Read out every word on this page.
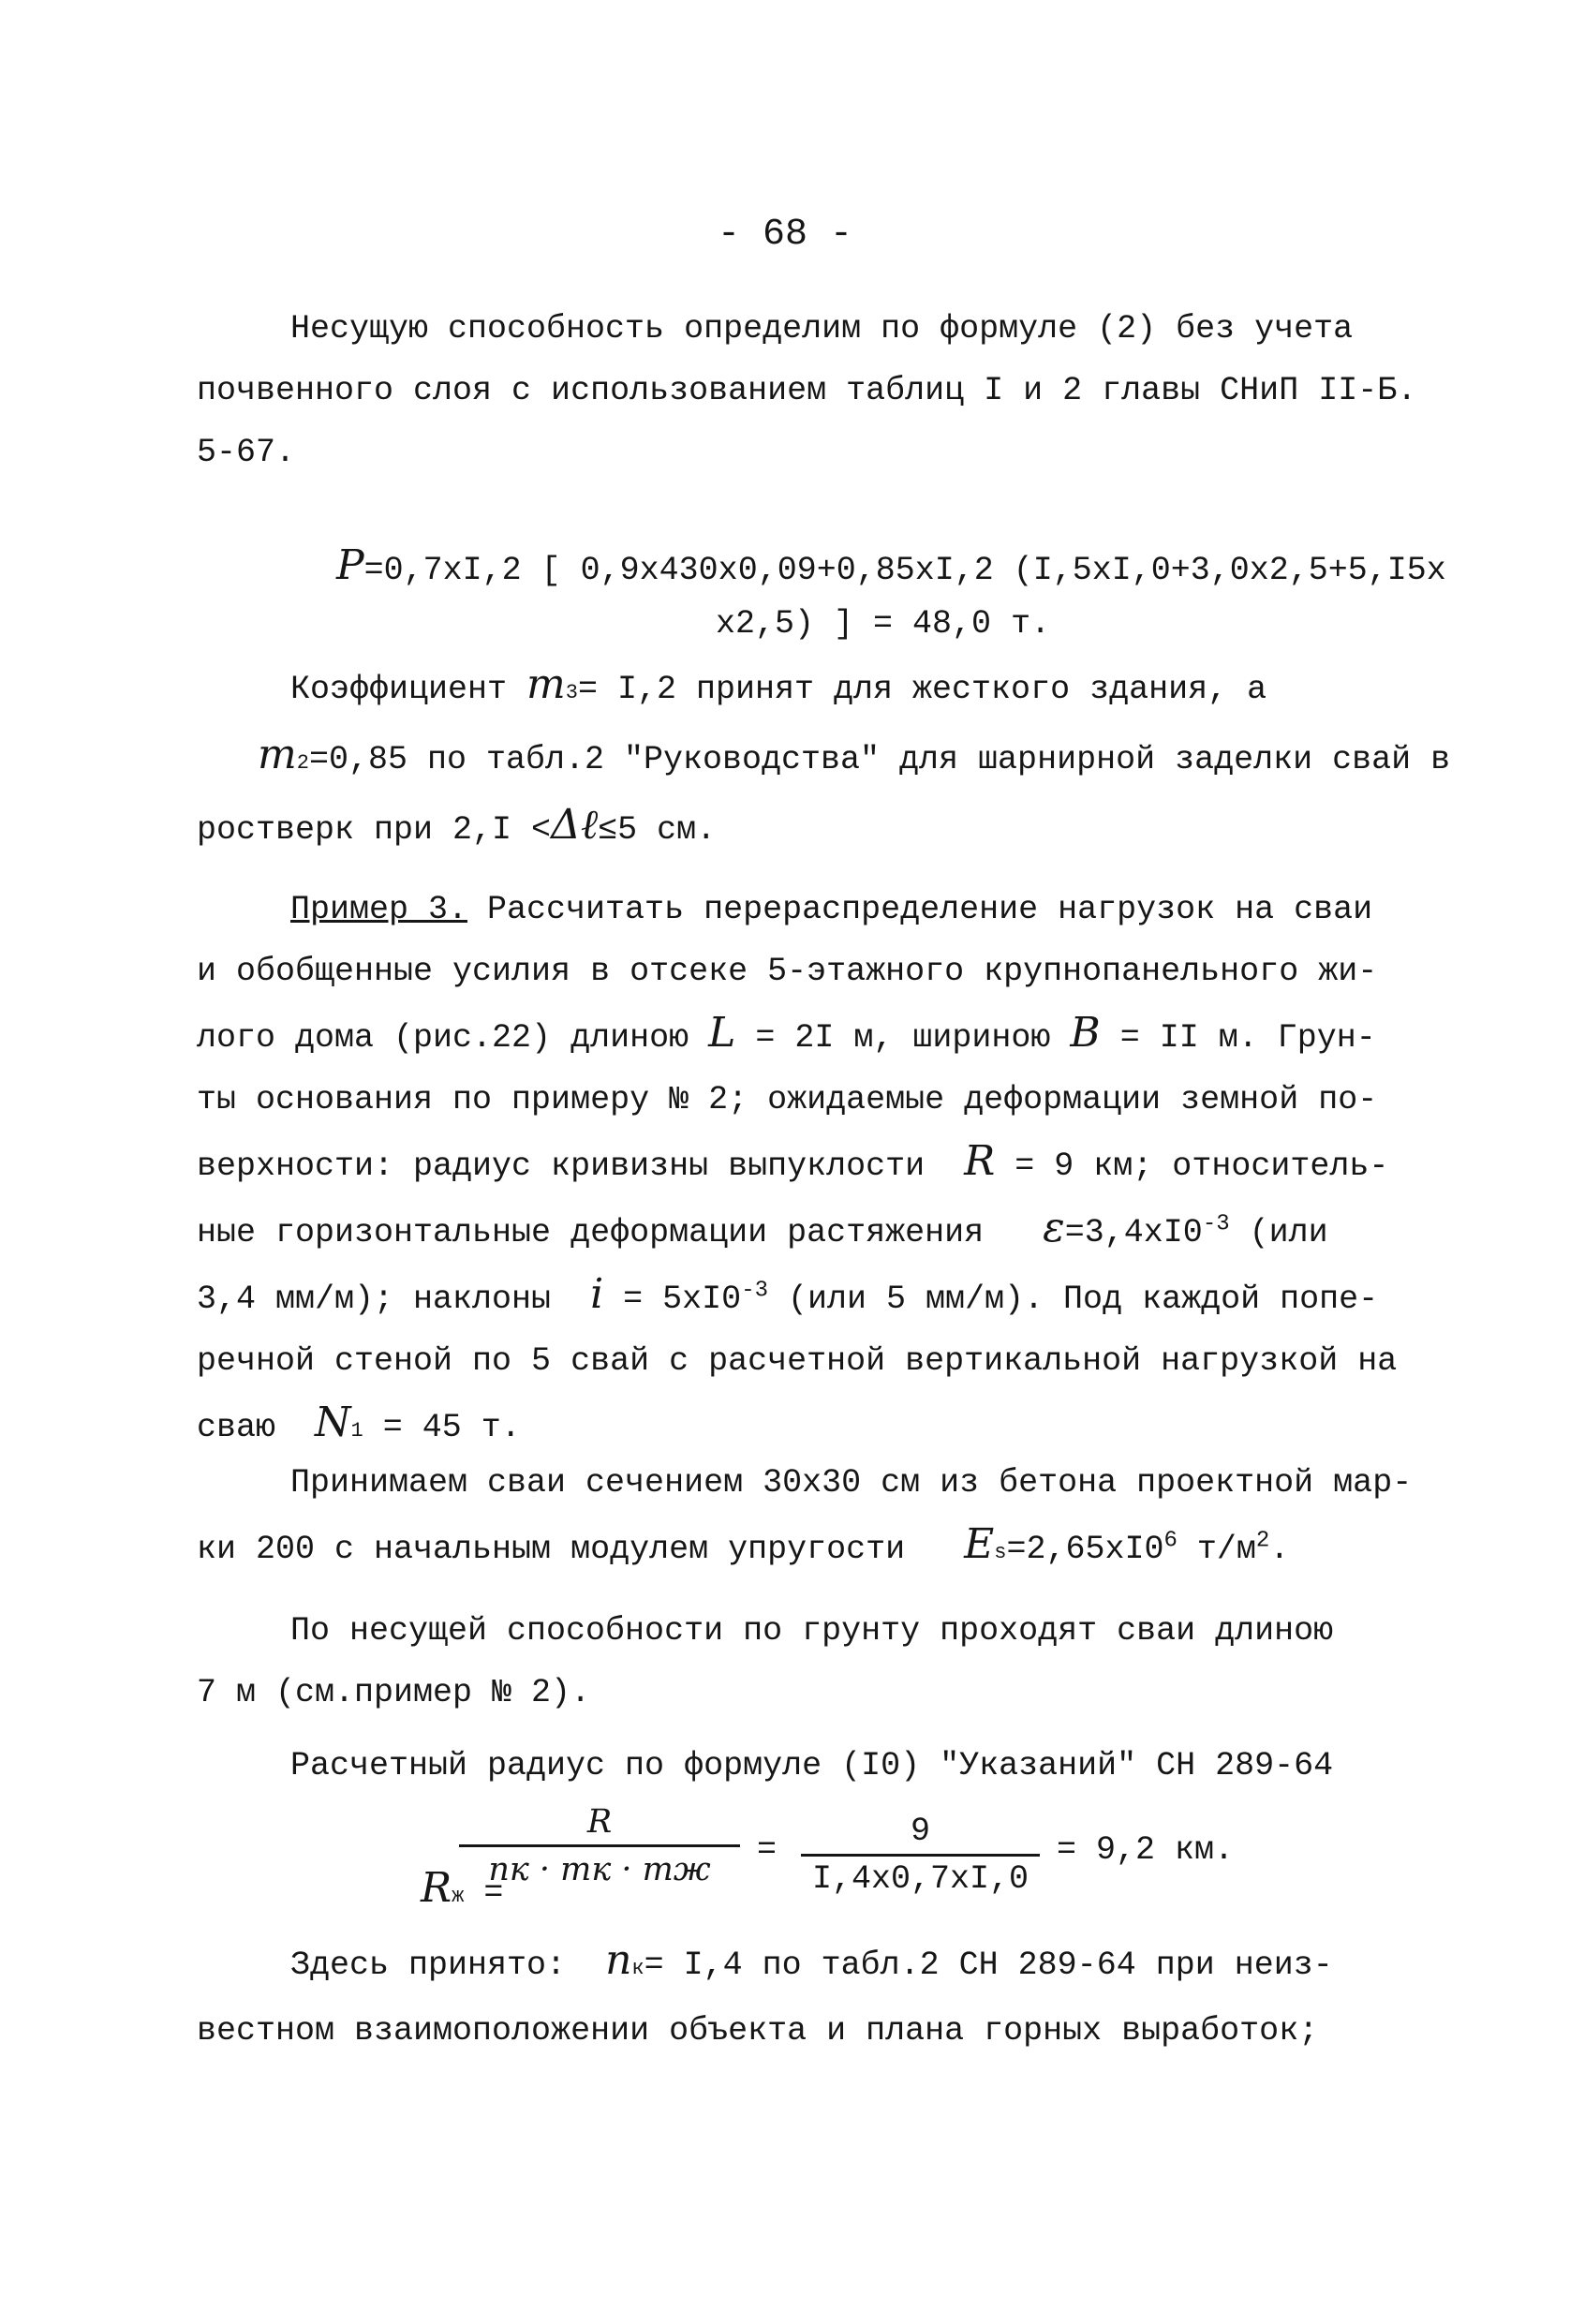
- 68 -
Несущую способность определим по формуле (2) без учета
почвенного слоя с использованием таблиц I и 2 главы СНиП II-Б.
5-67.

P=0,7xI,2 [ 0,9x430x0,09+0,85xI,2 (I,5xI,0+3,0x2,5+5,I5x

x2,5) ] = 48,0 т.

Коэффициент m3= I,2 принят для жесткого здания, а
m2=0,85 по табл.2 "Руководства" для шарнирной заделки свай в
ростверк при 2,I <Δℓ≤5 см.
Пример 3. Рассчитать перераспределение нагрузок на сваи
и обобщенные усилия в отсеке 5-этажного крупнопанельного жи-
лого дома (рис.22) длиною L = 2I м, шириною B = II м. Грун-
ты основания по примеру № 2; ожидаемые деформации земной по-
верхности: радиус кривизны выпуклости  R = 9 км; относитель-
ные горизонтальные деформации растяжения   $\varepsilon=3,4xI0^{-3}$ (или
3,4 мм/м); наклоны  $i = 5xI0^{-3}$ (или 5 мм/м). Под каждой попе-
речной стеной по 5 свай с расчетной вертикальной нагрузкой на
сваю  N1 = 45 т.
Принимаем сваи сечением 30x30 см из бетона проектной мар-
ки 200 с начальным модулем упругости   $Es=2,65xI0^6$ $т/м^2$.
По несущей способности по грунту проходят сваи длиною
7 м (см.пример № 2).
Расчетный радиус по формуле (I0) "Указаний" СН 289-64

Rж =

R
nк · mк · mж
=	9
I,4x0,7xI,0
= 9,2 км.
Здесь принято:  nк= I,4 по табл.2 СН 289-64 при неиз-
вестном взаимоположении объекта и плана горных выработок;
